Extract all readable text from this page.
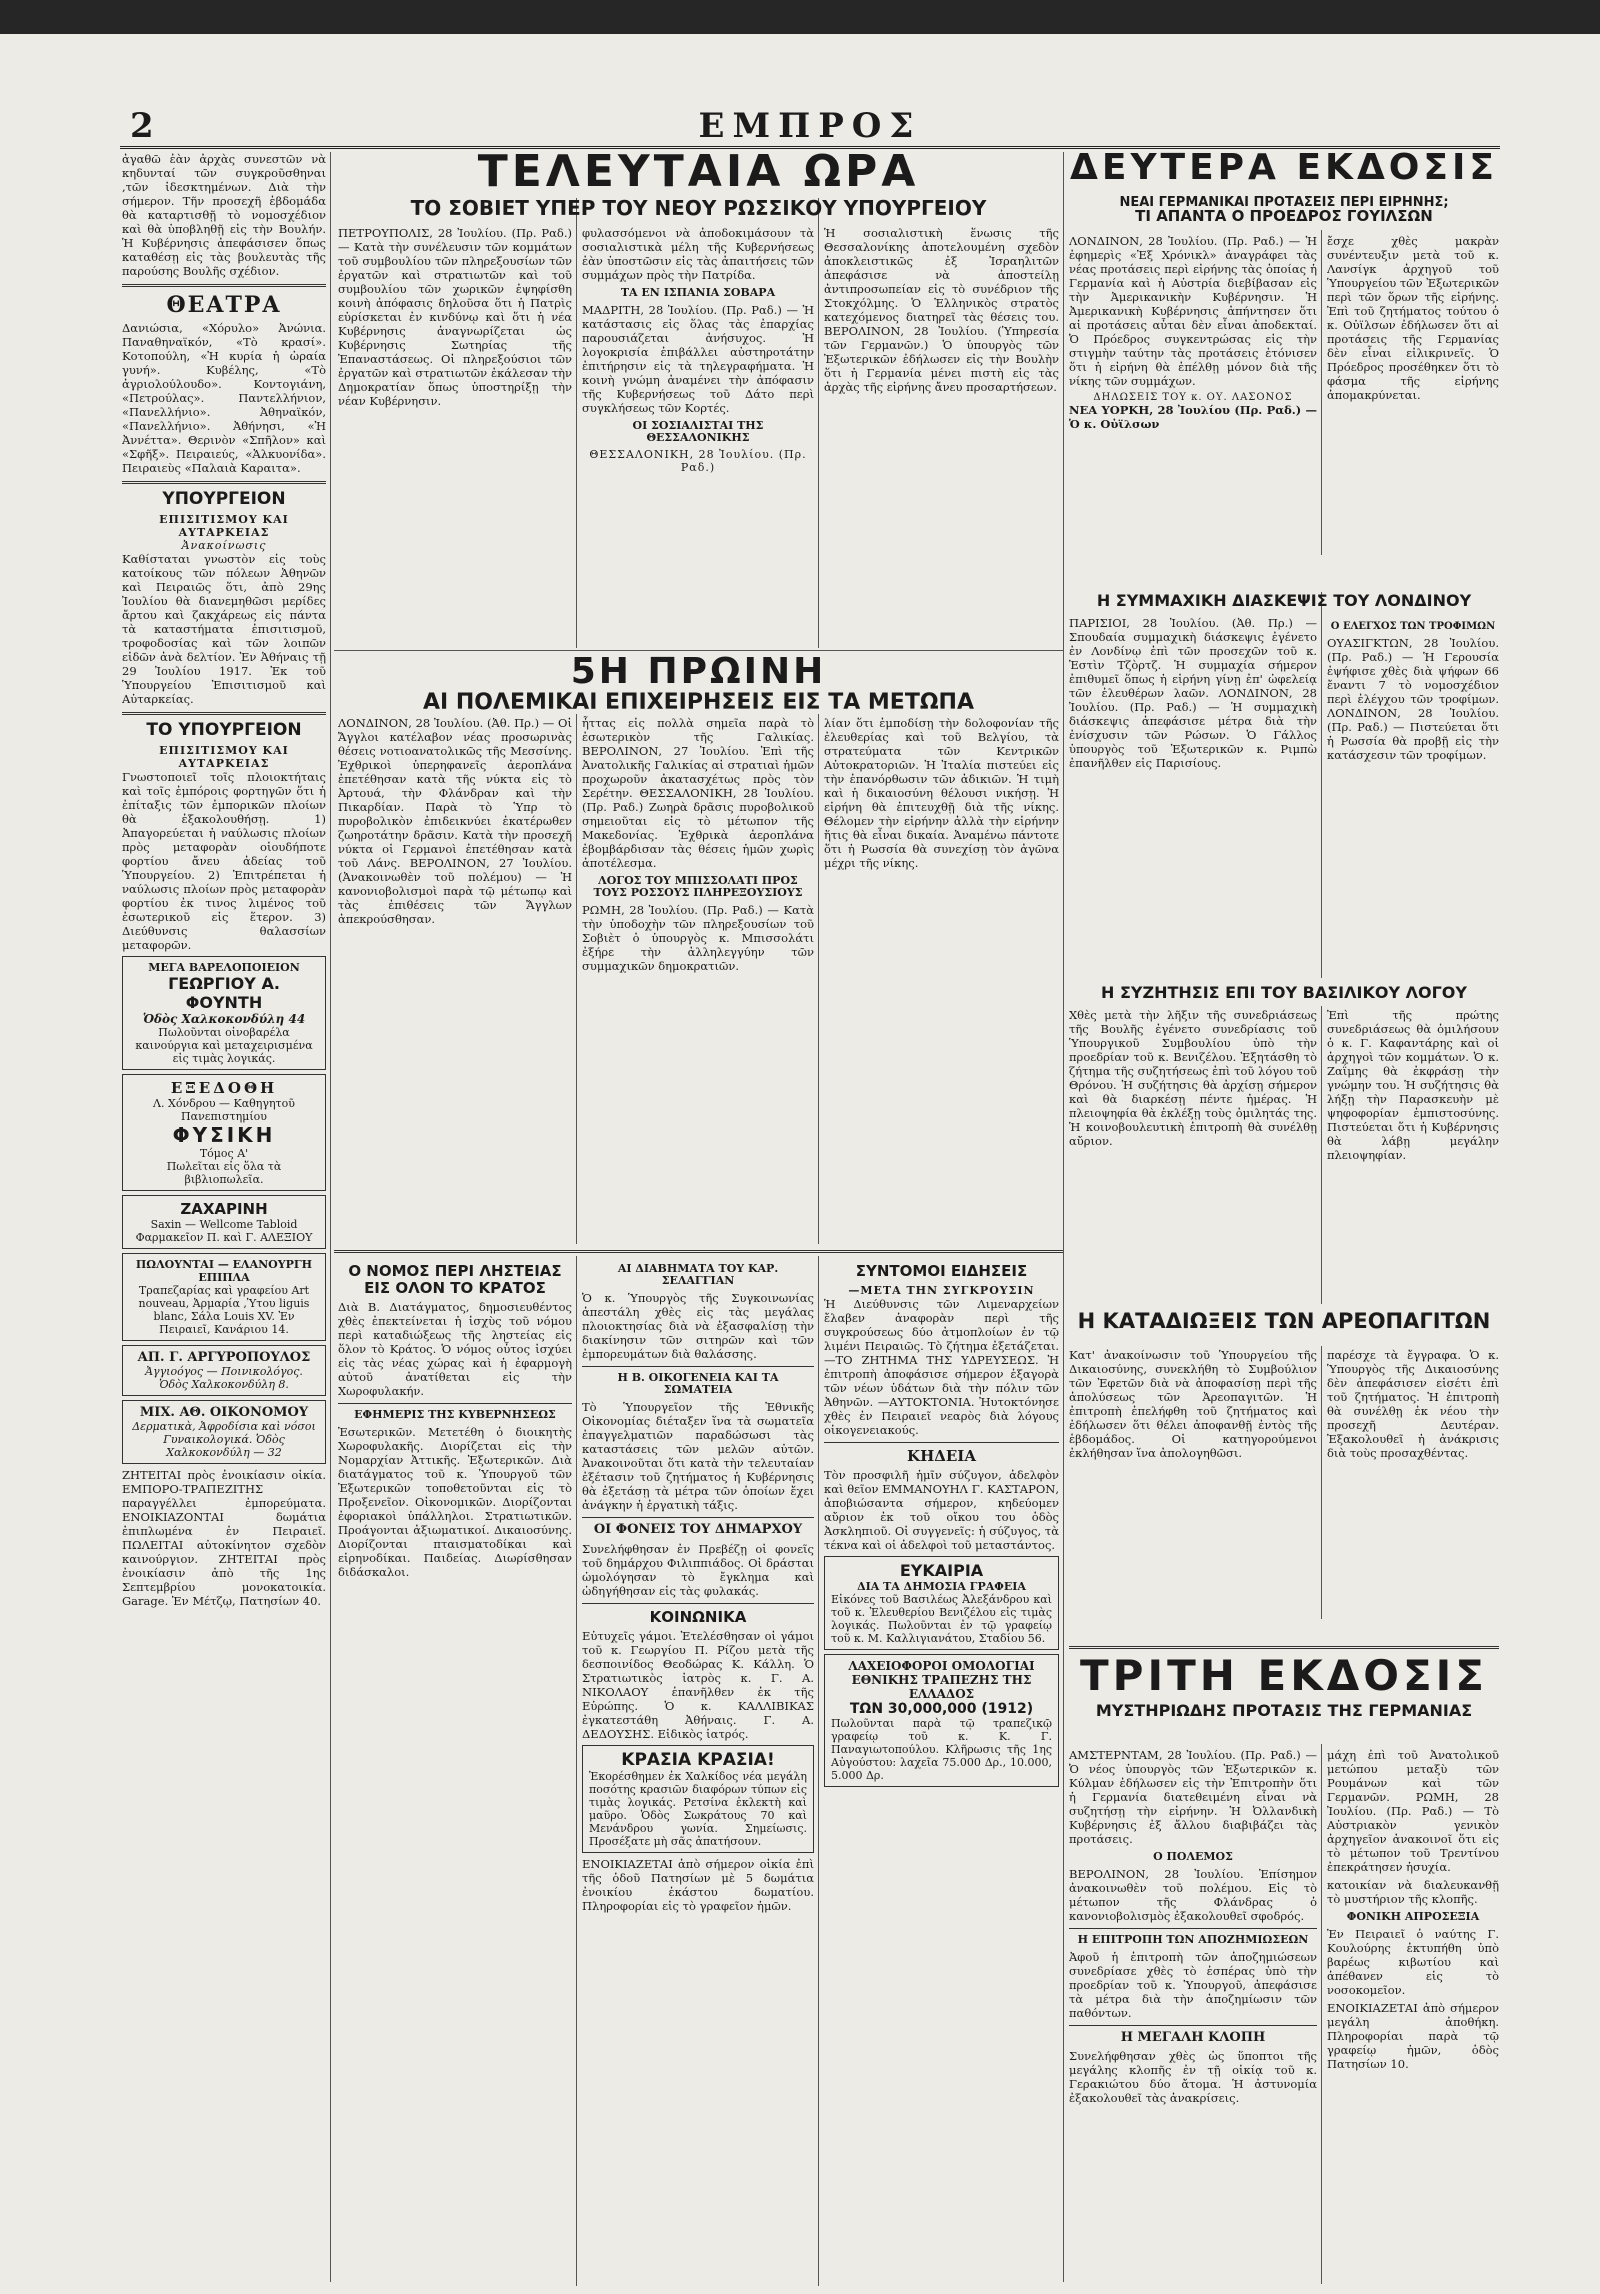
2	ΕΜΠΡΟΣ

ἀγαθῶ ἐὰν ἀρχὰς συνεστῶν νὰ κηδυνταί τῶν συγκροῦσθηναι ,τῶν ἰδεσκτημένων. Διὰ τὴν σήμερον. Τῆν προσεχῆ ἑβδομάδα θὰ καταρτισθῇ τὸ νομοσχέδιον καὶ θὰ ὑποβληθῇ εἰς τὴν Βουλήν. Ἡ Κυβέρνησις ἀπεφάσισεν ὅπως καταθέσῃ εἰς τὰς βουλευτὰς τῆς παρούσης Βουλῆς σχέδιον.

ΘΕΑΤΡΑ

Δανιώσια, «Χόρυλο» Ἀνώνια. Παναθηναϊκόν, «Τὸ κρασί». Κοτοπούλη, «Ἡ κυρία ἡ ὡραία γυνή». Κυβέλης, «Τὸ ἀγριολούλουδο». Κοντογιάνη, «Πετρούλας». Παντελλήνιον, «Πανελλήνιο». Ἀθηναϊκόν, «Πανελλήνιο». Ἀθήνησι, «Ἡ Ἀννέττα». Θερινὸν «Σπῆλον» καὶ «Σφῆξ». Πειραιεύς, «Ἁλκυονίδα». Πειραιεὺς «Παλαιὰ Καραιτα».

ΥΠΟΥΡΓΕΙΟΝ
ΕΠΙΣΙΤΙΣΜΟΥ ΚΑΙ ΑΥΤΑΡΚΕΙΑΣ
Ἀνακοίνωσις

Καθίσταται γνωστὸν εἰς τοὺς κατοίκους τῶν πόλεων Ἀθηνῶν καὶ Πειραιῶς ὅτι, ἀπὸ 29ης Ἰουλίου θὰ διανεμηθῶσι μερίδες ἄρτου καὶ ζακχάρεως εἰς πάντα τὰ καταστήματα ἐπισιτισμοῦ, τροφοδοσίας καὶ τῶν λοιπῶν εἰδῶν ἀνὰ δελτίον. Ἐν Ἀθήναις τῇ 29 Ἰουλίου 1917. Ἐκ τοῦ Ὑπουργείου Ἐπισιτισμοῦ καὶ Αὐταρκείας.

ΤΟ ΥΠΟΥΡΓΕΙΟΝ
ΕΠΙΣΙΤΙΣΜΟΥ ΚΑΙ ΑΥΤΑΡΚΕΙΑΣ

Γνωστοποιεῖ τοῖς πλοιοκτήταις καὶ τοῖς ἐμπόροις φορτηγῶν ὅτι ἡ ἐπίταξις τῶν ἐμπορικῶν πλοίων θὰ ἐξακολουθήσῃ. 1) Ἀπαγορεύεται ἡ ναύλωσις πλοίων πρὸς μεταφορὰν οἱουδήποτε φορτίου ἄνευ ἀδείας τοῦ Ὑπουργείου. 2) Ἐπιτρέπεται ἡ ναύλωσις πλοίων πρὸς μεταφορὰν φορτίου ἐκ τινος λιμένος τοῦ ἐσωτερικοῦ εἰς ἕτερον. 3) Διεύθυνσις θαλασσίων μεταφορῶν.

ΜΕΓΑ ΒΑΡΕΛΟΠΟΙΕΙΟΝ
ΓΕΩΡΓΙΟΥ Α. ΦΟΥΝΤΗ
Ὁδὸς Χαλκοκονδύλη 44
Πωλοῦνται οἰνοβαρέλα καινούργια καὶ μεταχειρισμένα εἰς τιμὰς λογικάς.
ΕΞΕΔΟΘΗ
Λ. Χόνδρου — Καθηγητοῦ Πανεπιστημίου
ΦΥΣΙΚΗ
Τόμος Α'
Πωλεῖται εἰς ὅλα τὰ βιβλιοπωλεῖα.
ΖΑΧΑΡΙΝΗ
Saxin — Wellcome Tabloid Φαρμακεῖον Π. καὶ Γ. ΑΛΕΞΙΟΥ
ΠΩΛΟΥΝΤΑΙ — ΕΛΑΝΟΥΡΓΗ ΕΠΙΠΛΑ
Τραπεζαρίας καὶ γραφείου Art nouveau, Ἀρμαρία ,Ὑτου liguis blanc, Σάλα Louis XV. Ἐν Πειραιεῖ, Κανάριου 14.
ΑΠ. Γ. ΑΡΓΥΡΟΠΟΥΛΟΣ
Ἀγγιοόγος — Ποινικολόγος. Ὁδὸς Χαλκοκονδύλη 8.
ΜΙΧ. ΑΘ. ΟΙΚΟΝΟΜΟΥ
Δερματικὰ, Ἀφροδίσια καὶ νόσοι Γυναικολογικά. Ὁδὸς Χαλκοκονδύλη — 32

ΖΗΤΕΙΤΑΙ πρὸς ἐνοικίασιν οἰκία. ΕΜΠΟΡΟ-ΤΡΑΠΕΖΙΤΗΣ παραγγέλλει ἐμπορεύματα. ΕΝΟΙΚΙΑΖΟΝΤΑΙ δωμάτια ἐπιπλωμένα ἐν Πειραιεῖ. ΠΩΛΕΙΤΑΙ αὐτοκίνητον σχεδὸν καινούργιον. ΖΗΤΕΙΤΑΙ πρὸς ἐνοικίασιν ἀπὸ τῆς 1ης Σεπτεμβρίου μονοκατοικία. Garage. Ἐν Μέτζῳ, Πατησίων 40.

ΤΕΛΕΥΤΑΙΑ ΩΡΑ
ΤΟ ΣΟΒΙΕΤ ΥΠΕΡ ΤΟΥ ΝΕΟΥ ΡΩΣΣΙΚΟΥ ΥΠΟΥΡΓΕΙΟΥ

ΠΕΤΡΟΥΠΟΛΙΣ, 28 Ἰουλίου. (Πρ. Ραδ.) — Κατὰ τὴν συνέλευσιν τῶν κομμάτων τοῦ συμβουλίου τῶν πληρεξουσίων τῶν ἐργατῶν καὶ στρατιωτῶν καὶ τοῦ συμβουλίου τῶν χωρικῶν ἐψηφίσθη κοινὴ ἀπόφασις δηλοῦσα ὅτι ἡ Πατρὶς εὑρίσκεται ἐν κινδύνῳ καὶ ὅτι ἡ νέα Κυβέρνησις ἀναγνωρίζεται ὡς Κυβέρνησις Σωτηρίας τῆς Ἐπαναστάσεως. Οἱ πληρεξούσιοι τῶν ἐργατῶν καὶ στρατιωτῶν ἐκάλεσαν τὴν Δημοκρατίαν ὅπως ὑποστηρίξῃ τὴν νέαν Κυβέρνησιν.

φυλασσόμενοι νὰ ἀποδοκιμάσουν τὰ σοσιαλιστικὰ μέλη τῆς Κυβερνήσεως ἐὰν ὑποστῶσιν εἰς τὰς ἀπαιτήσεις τῶν συμμάχων πρὸς τὴν Πατρίδα.

ΤΑ ΕΝ ΙΣΠΑΝΙΑ ΣΟΒΑΡΑ

ΜΑΔΡΙΤΗ, 28 Ἰουλίου. (Πρ. Ραδ.) — Ἡ κατάστασις εἰς ὅλας τὰς ἐπαρχίας παρουσιάζεται ἀνήσυχος. Ἡ λογοκρισία ἐπιβάλλει αὐστηροτάτην ἐπιτήρησιν εἰς τὰ τηλεγραφήματα. Ἡ κοινὴ γνώμη ἀναμένει τὴν ἀπόφασιν τῆς Κυβερνήσεως τοῦ Δάτο περὶ συγκλήσεως τῶν Κορτές.

ΟΙ ΣΟΣΙΑΛΙΣΤΑΙ ΤΗΣ ΘΕΣΣΑΛΟΝΙΚΗΣ
ΘΕΣΣΑΛΟΝΙΚΗ, 28 Ἰουλίου. (Πρ. Ραδ.)

Ἡ σοσιαλιστικὴ ἕνωσις τῆς Θεσσαλονίκης ἀποτελουμένη σχεδὸν ἀποκλειστικῶς ἐξ Ἰσραηλιτῶν ἀπεφάσισε νὰ ἀποστείλῃ ἀντιπροσωπείαν εἰς τὸ συνέδριον τῆς Στοκχόλμης. Ὁ Ἑλληνικὸς στρατὸς κατεχόμενος διατηρεῖ τὰς θέσεις του. ΒΕΡΟΛΙΝΟΝ, 28 Ἰουλίου. (Ὑπηρεσία τῶν Γερμανῶν.) Ὁ ὑπουργὸς τῶν Ἐξωτερικῶν ἐδήλωσεν εἰς τὴν Βουλὴν ὅτι ἡ Γερμανία μένει πιστὴ εἰς τὰς ἀρχὰς τῆς εἰρήνης ἄνευ προσαρτήσεων.

5Η ΠΡΩΙΝΗ
ΑΙ ΠΟΛΕΜΙΚΑΙ ΕΠΙΧΕΙΡΗΣΕΙΣ ΕΙΣ ΤΑ ΜΕΤΩΠΑ

ΛΟΝΔΙΝΟΝ, 28 Ἰουλίου. (Ἀθ. Πρ.) — Οἱ Ἄγγλοι κατέλαβον νέας προσωρινὰς θέσεις νοτιοανατολικῶς τῆς Μεσσίνης. Ἐχθρικοὶ ὑπερηφανεῖς ἀεροπλάνα ἐπετέθησαν κατὰ τῆς νύκτα εἰς τὸ Ἀρτουά, τὴν Φλάνδραν καὶ τὴν Πικαρδίαν. Παρὰ τὸ Ὑπρ τὸ πυροβολικὸν ἐπιδεικνύει ἐκατέρωθεν ζωηροτάτην δρᾶσιν. Κατὰ τὴν προσεχῆ νύκτα οἱ Γερμανοὶ ἐπετέθησαν κατὰ τοῦ Λάνς. ΒΕΡΟΛΙΝΟΝ, 27 Ἰουλίου. (Ἀνακοινωθὲν τοῦ πολέμου) — Ἡ κανονιοβολισμοὶ παρὰ τῷ μέτωπῳ καὶ τὰς ἐπιθέσεις τῶν Ἄγγλων ἀπεκρούσθησαν.

ἧττας εἰς πολλὰ σημεῖα παρὰ τὸ ἐσωτερικὸν τῆς Γαλικίας. ΒΕΡΟΛΙΝΟΝ, 27 Ἰουλίου. Ἐπὶ τῆς Ἀνατολικῆς Γαλικίας αἱ στρατιαὶ ἡμῶν προχωροῦν ἀκατασχέτως πρὸς τὸν Σερέτην. ΘΕΣΣΑΛΟΝΙΚΗ, 28 Ἰουλίου. (Πρ. Ραδ.) Ζωηρὰ δρᾶσις πυροβολικοῦ σημειοῦται εἰς τὸ μέτωπον τῆς Μακεδονίας. Ἐχθρικὰ ἀεροπλάνα ἐβομβάρδισαν τὰς θέσεις ἡμῶν χωρὶς ἀποτέλεσμα.

ΛΟΓΟΣ ΤΟΥ ΜΠΙΣΣΟΛΑΤΙ ΠΡΟΣ ΤΟΥΣ ΡΟΣΣΟΥΣ ΠΛΗΡΕΞΟΥΣΙΟΥΣ

ΡΩΜΗ, 28 Ἰουλίου. (Πρ. Ραδ.) — Κατὰ τὴν ὑποδοχὴν τῶν πληρεξουσίων τοῦ Σοβιὲτ ὁ ὑπουργὸς κ. Μπισσολάτι ἐξήρε τὴν ἀλληλεγγύην τῶν συμμαχικῶν δημοκρατιῶν.

λίαν ὅτι ἐμποδίσῃ τὴν δολοφονίαν τῆς ἐλευθερίας καὶ τοῦ Βελγίου, τὰ στρατεύματα τῶν Κεντρικῶν Αὐτοκρατοριῶν. Ἡ Ἰταλία πιστεύει εἰς τὴν ἐπανόρθωσιν τῶν ἀδικιῶν. Ἡ τιμὴ καὶ ἡ δικαιοσύνη θέλουσι νικήσῃ. Ἡ εἰρήνη θὰ ἐπιτευχθῇ διὰ τῆς νίκης. Θέλομεν τὴν εἰρήνην ἀλλὰ τὴν εἰρήνην ἥτις θὰ εἶναι δικαία. Ἀναμένω πάντοτε ὅτι ἡ Ρωσσία θὰ συνεχίσῃ τὸν ἀγῶνα μέχρι τῆς νίκης.

Ο ΝΟΜΟΣ ΠΕΡΙ ΛΗΣΤΕΙΑΣ ΕΙΣ ΟΛΟΝ ΤΟ ΚΡΑΤΟΣ

Διὰ Β. Διατάγματος, δημοσιευθέντος χθὲς ἐπεκτείνεται ἡ ἰσχὺς τοῦ νόμου περὶ καταδιώξεως τῆς ληστείας εἰς ὅλον τὸ Κράτος. Ὁ νόμος οὗτος ἰσχύει εἰς τὰς νέας χώρας καὶ ἡ ἐφαρμογὴ αὐτοῦ ἀνατίθεται εἰς τὴν Χωροφυλακήν.

ΕΦΗΜΕΡΙΣ ΤΗΣ ΚΥΒΕΡΝΗΣΕΩΣ

Ἐσωτερικῶν. Μετετέθη ὁ διοικητὴς Χωροφυλακῆς. Διορίζεται εἰς τὴν Νομαρχίαν Ἀττικῆς. Ἐξωτερικῶν. Διὰ διατάγματος τοῦ κ. Ὑπουργοῦ τῶν Ἐξωτερικῶν τοποθετοῦνται εἰς τὸ Προξενεῖον. Οἰκονομικῶν. Διορίζονται ἐφοριακοὶ ὑπάλληλοι. Στρατιωτικῶν. Προάγονται ἀξιωματικοί. Δικαιοσύνης. Διορίζονται πταισματοδίκαι καὶ εἰρηνοδίκαι. Παιδείας. Διωρίσθησαν διδάσκαλοι.

ΑΙ ΔΙΑΒΗΜΑΤΑ ΤΟΥ ΚΑΡ. ΣΕΛΑΓΓΙΑΝ

Ὁ κ. Ὑπουργὸς τῆς Συγκοινωνίας ἀπεστάλη χθὲς εἰς τὰς μεγάλας πλοιοκτησίας διὰ νὰ ἐξασφαλίσῃ τὴν διακίνησιν τῶν σιτηρῶν καὶ τῶν ἐμπορευμάτων διὰ θαλάσσης.

Η Β. ΟΙΚΟΓΕΝΕΙΑ ΚΑΙ ΤΑ ΣΩΜΑΤΕΙΑ

Τὸ Ὑπουργεῖον τῆς Ἐθνικῆς Οἰκονομίας διέταξεν ἵνα τὰ σωματεῖα ἐπαγγελματιῶν παραδώσωσι τὰς καταστάσεις τῶν μελῶν αὐτῶν. Ἀνακοινοῦται ὅτι κατὰ τὴν τελευταίαν ἐξέτασιν τοῦ ζητήματος ἡ Κυβέρνησις θὰ ἐξετάσῃ τὰ μέτρα τῶν ὁποίων ἔχει ἀνάγκην ἡ ἐργατικὴ τάξις.

ΟΙ ΦΟΝΕΙΣ ΤΟΥ ΔΗΜΑΡΧΟΥ

Συνελήφθησαν ἐν Πρεβέζῃ οἱ φονεῖς τοῦ δημάρχου Φιλιππιάδος. Οἱ δράσται ὡμολόγησαν τὸ ἔγκλημα καὶ ὡδηγήθησαν εἰς τὰς φυλακάς.

ΚΟΙΝΩΝΙΚΑ

Εὐτυχεῖς γάμοι. Ἐτελέσθησαν οἱ γάμοι τοῦ κ. Γεωργίου Π. Ρίζου μετὰ τῆς δεσποινίδος Θεοδώρας Κ. Κάλλη. Ὁ Στρατιωτικὸς ἰατρὸς κ. Γ. Α. ΝΙΚΟΛΑΟΥ ἐπανῆλθεν ἐκ τῆς Εὐρώπης. Ὁ κ. ΚΑΛΛΙΒΙΚΑΣ ἐγκατεστάθη Ἀθήναις. Γ. Α. ΔΕΔΟΥΣΗΣ. Εἰδικὸς ἰατρός.

ΚΡΑΣΙΑ ΚΡΑΣΙΑ!
Ἐκορέσθημεν ἐκ Χαλκίδος νέα μεγάλη ποσότης κρασιῶν διαφόρων τύπων εἰς τιμὰς λογικάς. Ρετσίνα ἐκλεκτὴ καὶ μαῦρο. Ὁδὸς Σωκράτους 70 καὶ Μενάνδρου γωνία. Σημείωσις. Προσέξατε μὴ σᾶς ἀπατήσουν.

ΕΝΟΙΚΙΑΖΕΤΑΙ ἀπὸ σήμερον οἰκία ἐπὶ τῆς ὁδοῦ Πατησίων μὲ 5 δωμάτια ἐνοικίου ἑκάστου δωματίου. Πληροφορίαι εἰς τὸ γραφεῖον ἡμῶν.

ΣΥΝΤΟΜΟΙ ΕΙΔΗΣΕΙΣ
—ΜΕΤΑ ΤΗΝ ΣΥΓΚΡΟΥΣΙΝ

Ἡ Διεύθυνσις τῶν Λιμεναρχείων ἔλαβεν ἀναφορὰν περὶ τῆς συγκρούσεως δύο ἀτμοπλοίων ἐν τῷ λιμένι Πειραιῶς. Τὸ ζήτημα ἐξετάζεται. —ΤΟ ΖΗΤΗΜΑ ΤΗΣ ΥΔΡΕΥΣΕΩΣ. Ἡ ἐπιτροπὴ ἀποφάσισε σήμερον ἐξαγορὰ τῶν νέων ὑδάτων διὰ τὴν πόλιν τῶν Ἀθηνῶν. —ΑΥΤΟΚΤΟΝΙΑ. Ἠυτοκτόνησε χθὲς ἐν Πειραιεῖ νεαρὸς διὰ λόγους οἰκογενειακούς.

ΚΗΔΕΙΑ

Τὸν προσφιλῆ ἡμῖν σύζυγον, ἀδελφὸν καὶ θεῖον ΕΜΜΑΝΟΥΗΛ Γ. ΚΑΣΤΑΡΟΝ, ἀποβιώσαντα σήμερον, κηδεύομεν αὔριον ἐκ τοῦ οἴκου του ὁδὸς Ἀσκληπιοῦ. Οἱ συγγενεῖς: ἡ σύζυγος, τὰ τέκνα καὶ οἱ ἀδελφοὶ τοῦ μεταστάντος.

ΕΥΚΑΙΡΙΑ
ΔΙΑ ΤΑ ΔΗΜΟΣΙΑ ΓΡΑΦΕΙΑ
Εἰκόνες τοῦ Βασιλέως Ἀλεξάνδρου καὶ τοῦ κ. Ἐλευθερίου Βενιζέλου εἰς τιμὰς λογικάς. Πωλοῦνται ἐν τῷ γραφείῳ τοῦ κ. Μ. Καλλιγιανάτου, Σταδίου 56.
ΛΑΧΕΙΟΦΟΡΟΙ ΟΜΟΛΟΓΙΑΙ
ΕΘΝΙΚΗΣ ΤΡΑΠΕΖΗΣ ΤΗΣ ΕΛΛΑΔΟΣ
ΤΩΝ 30,000,000 (1912)
Πωλοῦνται παρὰ τῷ τραπεζικῷ γραφείῳ τοῦ κ. Κ. Γ. Παναγιωτοπούλου. Κλῆρωσις τῆς 1ης Αὐγούστου: λαχεῖα 75.000 Δρ., 10.000, 5.000 Δρ.
ΔΕΥΤΕΡΑ ΕΚΔΟΣΙΣ
ΝΕΑΙ ΓΕΡΜΑΝΙΚΑΙ ΠΡΟΤΑΣΕΙΣ ΠΕΡΙ ΕΙΡΗΝΗΣ;
ΤΙ ΑΠΑΝΤΑ Ο ΠΡΟΕΔΡΟΣ ΓΟΥΙΛΣΩΝ

ΛΟΝΔΙΝΟΝ, 28 Ἰουλίου. (Πρ. Ραδ.) — Ἡ ἐφημερὶς «Ἐξ Χρόνικλ» ἀναγράφει τὰς νέας προτάσεις περὶ εἰρήνης τὰς ὁποίας ἡ Γερμανία καὶ ἡ Αὐστρία διεβίβασαν εἰς τὴν Ἀμερικανικὴν Κυβέρνησιν. Ἡ Ἀμερικανικὴ Κυβέρνησις ἀπήντησεν ὅτι αἱ προτάσεις αὗται δὲν εἶναι ἀποδεκταί. Ὁ Πρόεδρος συγκεντρώσας εἰς τὴν στιγμὴν ταύτην τὰς προτάσεις ἐτόνισεν ὅτι ἡ εἰρήνη θὰ ἐπέλθῃ μόνον διὰ τῆς νίκης τῶν συμμάχων.

ΔΗΛΩΣΕΙΣ ΤΟΥ κ. ΟΥ. ΛΑΣΟΝΟΣ

ΝΕΑ ΥΟΡΚΗ, 28 Ἰουλίου (Πρ. Ραδ.) — Ὁ κ. Οὐϊλσων

ἔσχε χθὲς μακρὰν συνέντευξιν μετὰ τοῦ κ. Λανσίγκ ἀρχηγοῦ τοῦ Ὑπουργείου τῶν Ἐξωτερικῶν περὶ τῶν ὅρων τῆς εἰρήνης. Ἐπὶ τοῦ ζητήματος τούτου ὁ κ. Οὐϊλσων ἐδήλωσεν ὅτι αἱ προτάσεις τῆς Γερμανίας δὲν εἶναι εἰλικρινεῖς. Ὁ Πρόεδρος προσέθηκεν ὅτι τὸ φάσμα τῆς εἰρήνης ἀπομακρύνεται.

Η ΣΥΜΜΑΧΙΚΗ ΔΙΑΣΚΕΨΙΣ ΤΟΥ ΛΟΝΔΙΝΟΥ

ΠΑΡΙΣΙΟΙ, 28 Ἰουλίου. (Ἀθ. Πρ.) — Σπουδαία συμμαχικὴ διάσκεψις ἐγένετο ἐν Λονδίνῳ ἐπὶ τῶν προσεχῶν τοῦ κ. Ἐστὶν Τζὸρτζ. Ἡ συμμαχία σήμερον ἐπιθυμεῖ ὅπως ἡ εἰρήνη γίνῃ ἐπ' ὠφελείᾳ τῶν ἐλευθέρων λαῶν. ΛΟΝΔΙΝΟΝ, 28 Ἰουλίου. (Πρ. Ραδ.) — Ἡ συμμαχικὴ διάσκεψις ἀπεφάσισε μέτρα διὰ τὴν ἐνίσχυσιν τῶν Ρώσων. Ὁ Γάλλος ὑπουργὸς τοῦ Ἐξωτερικῶν κ. Ριμπὼ ἐπανῆλθεν εἰς Παρισίους.

Ο ΕΛΕΓΧΟΣ ΤΩΝ ΤΡΟΦΙΜΩΝ

ΟΥΑΣΙΓΚΤΩΝ, 28 Ἰουλίου. (Πρ. Ραδ.) — Ἡ Γερουσία ἐψήφισε χθὲς διὰ ψήφων 66 ἔναντι 7 τὸ νομοσχέδιον περὶ ἐλέγχου τῶν τροφίμων. ΛΟΝΔΙΝΟΝ, 28 Ἰουλίου. (Πρ. Ραδ.) — Πιστεύεται ὅτι ἡ Ρωσσία θὰ προβῇ εἰς τὴν κατάσχεσιν τῶν τροφίμων.

Η ΣΥΖΗΤΗΣΙΣ ΕΠΙ ΤΟΥ ΒΑΣΙΛΙΚΟΥ ΛΟΓΟΥ

Χθὲς μετὰ τὴν λῆξιν τῆς συνεδριάσεως τῆς Βουλῆς ἐγένετο συνεδρίασις τοῦ Ὑπουργικοῦ Συμβουλίου ὑπὸ τὴν προεδρίαν τοῦ κ. Βενιζέλου. Ἐξητάσθη τὸ ζήτημα τῆς συζητήσεως ἐπὶ τοῦ λόγου τοῦ Θρόνου. Ἡ συζήτησις θὰ ἀρχίσῃ σήμερον καὶ θὰ διαρκέσῃ πέντε ἡμέρας. Ἡ πλειοψηφία θὰ ἐκλέξῃ τοὺς ὁμιλητάς της. Ἡ κοινοβουλευτικὴ ἐπιτροπὴ θὰ συνέλθῃ αὔριον.

Ἐπὶ τῆς πρώτης συνεδριάσεως θὰ ὁμιλήσουν ὁ κ. Γ. Καφαντάρης καὶ οἱ ἀρχηγοὶ τῶν κομμάτων. Ὁ κ. Ζαΐμης θὰ ἐκφράσῃ τὴν γνώμην του. Ἡ συζήτησις θὰ λήξῃ τὴν Παρασκευὴν μὲ ψηφοφορίαν ἐμπιστοσύνης. Πιστεύεται ὅτι ἡ Κυβέρνησις θὰ λάβῃ μεγάλην πλειοψηφίαν.

Η ΚΑΤΑΔΙΩΞΕΙΣ ΤΩΝ ΑΡΕΟΠΑΓΙΤΩΝ

Κατ' ἀνακοίνωσιν τοῦ Ὑπουργείου τῆς Δικαιοσύνης, συνεκλήθη τὸ Συμβούλιον τῶν Ἐφετῶν διὰ νὰ ἀποφασίσῃ περὶ τῆς ἀπολύσεως τῶν Ἀρεοπαγιτῶν. Ἡ ἐπιτροπὴ ἐπελήφθη τοῦ ζητήματος καὶ ἐδήλωσεν ὅτι θέλει ἀποφανθῇ ἐντὸς τῆς ἑβδομάδος. Οἱ κατηγορούμενοι ἐκλήθησαν ἵνα ἀπολογηθῶσι.

παρέσχε τὰ ἔγγραφα. Ὁ κ. Ὑπουργὸς τῆς Δικαιοσύνης δὲν ἀπεφάσισεν εἰσέτι ἐπὶ τοῦ ζητήματος. Ἡ ἐπιτροπὴ θὰ συνέλθῃ ἐκ νέου τὴν προσεχῆ Δευτέραν. Ἐξακολουθεῖ ἡ ἀνάκρισις διὰ τοὺς προσαχθέντας.

ΤΡΙΤΗ ΕΚΔΟΣΙΣ
ΜΥΣΤΗΡΙΩΔΗΣ ΠΡΟΤΑΣΙΣ ΤΗΣ ΓΕΡΜΑΝΙΑΣ

ΑΜΣΤΕΡΝΤΑΜ, 28 Ἰουλίου. (Πρ. Ραδ.) — Ὁ νέος ὑπουργὸς τῶν Ἐξωτερικῶν κ. Κύλμαν ἐδήλωσεν εἰς τὴν Ἐπιτροπὴν ὅτι ἡ Γερμανία διατεθειμένη εἶναι νὰ συζητήσῃ τὴν εἰρήνην. Ἡ Ὀλλανδικὴ Κυβέρνησις ἐξ ἄλλου διαβιβάζει τὰς προτάσεις.

Ο ΠΟΛΕΜΟΣ

ΒΕΡΟΛΙΝΟΝ, 28 Ἰουλίου. Ἐπίσημον ἀνακοινωθὲν τοῦ πολέμου. Εἰς τὸ μέτωπον τῆς Φλάνδρας ὁ κανονιοβολισμὸς ἐξακολουθεῖ σφοδρός.

Η ΕΠΙΤΡΟΠΗ ΤΩΝ ΑΠΟΖΗΜΙΩΣΕΩΝ

Ἀφοῦ ἡ ἐπιτροπὴ τῶν ἀποζημιώσεων συνεδρίασε χθὲς τὸ ἑσπέρας ὑπὸ τὴν προεδρίαν τοῦ κ. Ὑπουργοῦ, ἀπεφάσισε τὰ μέτρα διὰ τὴν ἀποζημίωσιν τῶν παθόντων.

Η ΜΕΓΑΛΗ ΚΛΟΠΗ

Συνελήφθησαν χθὲς ὡς ὕποπτοι τῆς μεγάλης κλοπῆς ἐν τῇ οἰκίᾳ τοῦ κ. Γερακιώτου δύο ἄτομα. Ἡ ἀστυνομία ἐξακολουθεῖ τὰς ἀνακρίσεις.

μάχη ἐπὶ τοῦ Ἀνατολικοῦ μετώπου μεταξὺ τῶν Ρουμάνων καὶ τῶν Γερμανῶν. ΡΩΜΗ, 28 Ἰουλίου. (Πρ. Ραδ.) — Τὸ Αὐστριακὸν γενικὸν ἀρχηγεῖον ἀνακοινοῖ ὅτι εἰς τὸ μέτωπον τοῦ Τρεντίνου ἐπεκράτησεν ἡσυχία.

κατοικίαν νὰ διαλευκανθῇ τὸ μυστήριον τῆς κλοπῆς.

ΦΟΝΙΚΗ ΑΠΡΟΣΕΞΙΑ

Ἐν Πειραιεῖ ὁ ναύτης Γ. Κουλούρης ἐκτυπήθη ὑπὸ βαρέως κιβωτίου καὶ ἀπέθανεν εἰς τὸ νοσοκομεῖον.

ΕΝΟΙΚΙΑΖΕΤΑΙ ἀπὸ σήμερον μεγάλη ἀποθήκη. Πληροφορίαι παρὰ τῷ γραφείῳ ἡμῶν, ὁδὸς Πατησίων 10.
